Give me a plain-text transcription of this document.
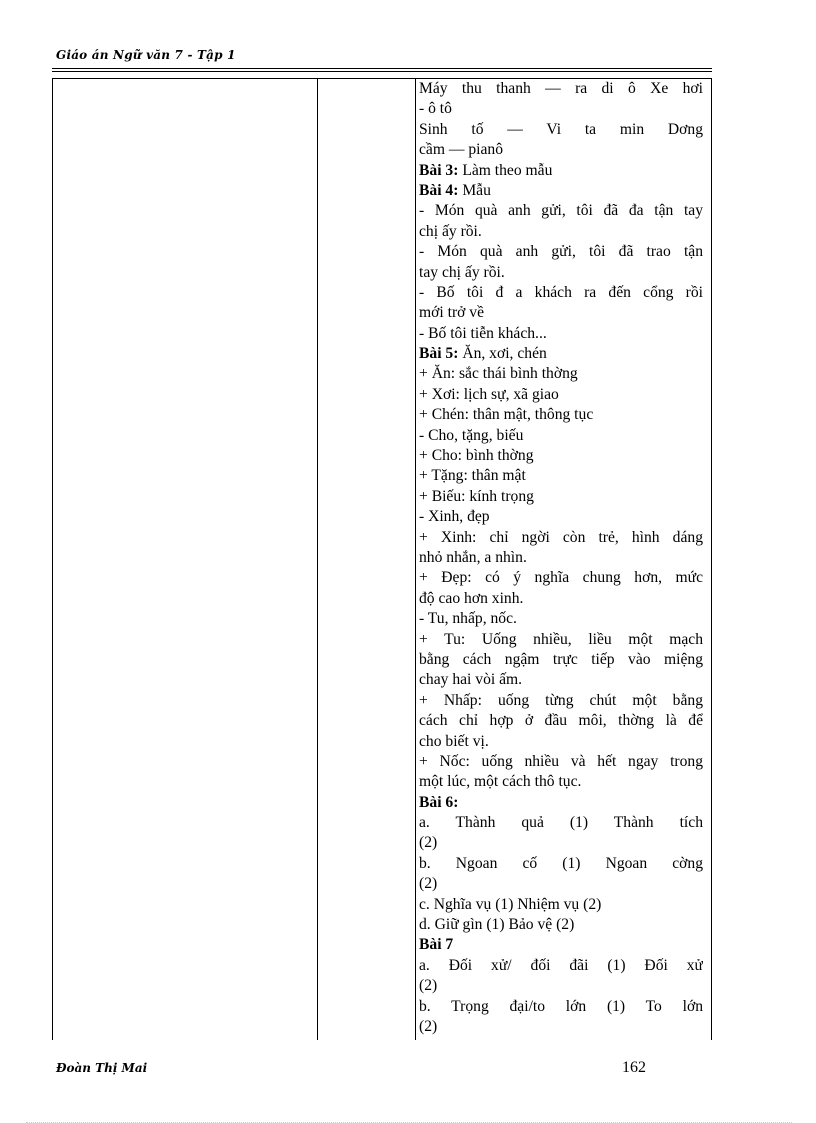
Giáo án Ngữ văn 7 - Tập 1
Máy thu thanh — ra di ô Xe hơi
- ô tô
Sinh tố — Vi ta min Dơng
cầm — pianô
Bài 3: Làm theo mẫu
Bài 4: Mẫu
- Món quà anh gửi, tôi đã đa tận tay
chị ấy rồi.
- Món quà anh gửi, tôi đã trao tận
tay chị ấy rồi.
- Bố tôi đ a khách ra đến cổng rồi
mới trở về
- Bố tôi tiễn khách...
Bài 5: Ăn, xơi, chén
+ Ăn: sắc thái bình thờng
+ Xơi: lịch sự, xã giao
+ Chén: thân mật, thông tục
- Cho, tặng, biếu
+ Cho: bình thờng
+ Tặng: thân mật
+ Biếu: kính trọng
- Xinh, đẹp
+ Xinh: chỉ ngời còn trẻ, hình dáng
nhỏ nhắn, a nhìn.
+ Đẹp: có ý nghĩa chung hơn, mức
độ cao hơn xinh.
- Tu, nhấp, nốc.
+ Tu: Uống nhiều, liều một mạch
bằng cách ngậm trực tiếp vào miệng
chay hai vòi ấm.
+ Nhấp: uống từng chút một bằng
cách chỉ hợp ở đầu môi, thờng là để
cho biết vị.
+ Nốc: uống nhiều và hết ngay trong
một lúc, một cách thô tục.
Bài 6:
a. Thành quả (1) Thành tích
(2)
b. Ngoan cố (1) Ngoan cờng
(2)
c. Nghĩa vụ (1) Nhiệm vụ (2)
d. Giữ gìn (1) Bảo vệ (2)
Bài 7
a. Đối xử/ đối đãi (1) Đối xử
(2)
b. Trọng đại/to lớn (1) To lớn
(2)
Đoàn Thị Mai	162
